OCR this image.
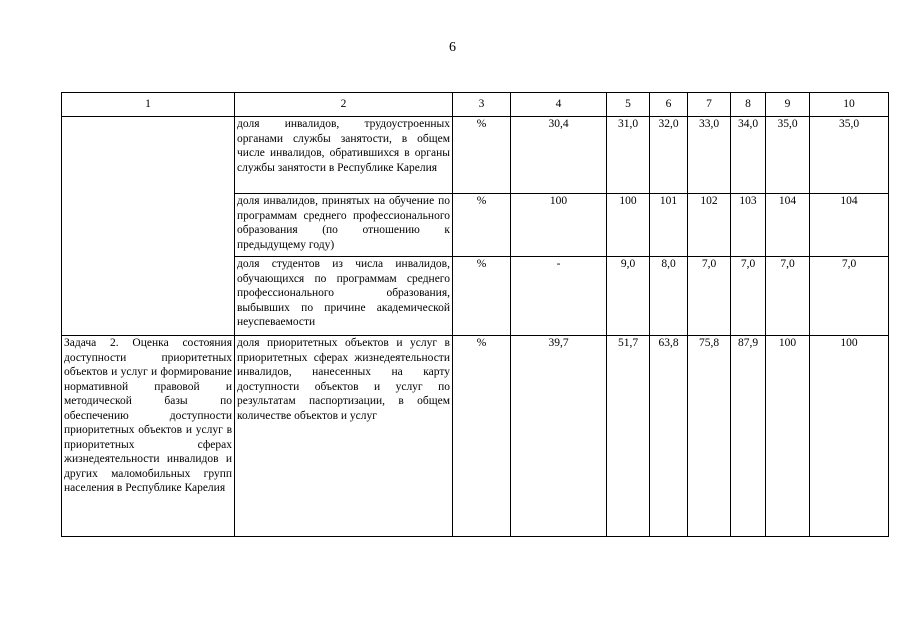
6
1	2	3	4	5	6	7	8	9	10
	доля инвалидов, трудоустроенных органами службы занятости, в общем числе инвалидов, обратившихся в органы службы занятости в Республике Карелия	%	30,4	31,0	32,0	33,0	34,0	35,0	35,0
	доля инвалидов, принятых на обучение по программам среднего профессионального образования (по отношению к предыдущему году)	%	100	100	101	102	103	104	104
	доля студентов из числа инвалидов, обучающихся по программам среднего профессионального образования, выбывших по причине академической неуспеваемости	%	-	9,0	8,0	7,0	7,0	7,0	7,0
Задача 2. Оценка состояния доступности приоритетных объектов и услуг и формирование нормативной правовой и методической базы по обеспечению доступности приоритетных объектов и услуг в приоритетных сферах жизнедеятельности инвалидов и других маломобильных групп населения в Республике Карелия	доля приоритетных объектов и услуг в приоритетных сферах жизнедеятельности инвалидов, нанесенных на карту доступности объектов и услуг по результатам паспортизации, в общем количестве объектов и услуг	%	39,7	51,7	63,8	75,8	87,9	100	100
